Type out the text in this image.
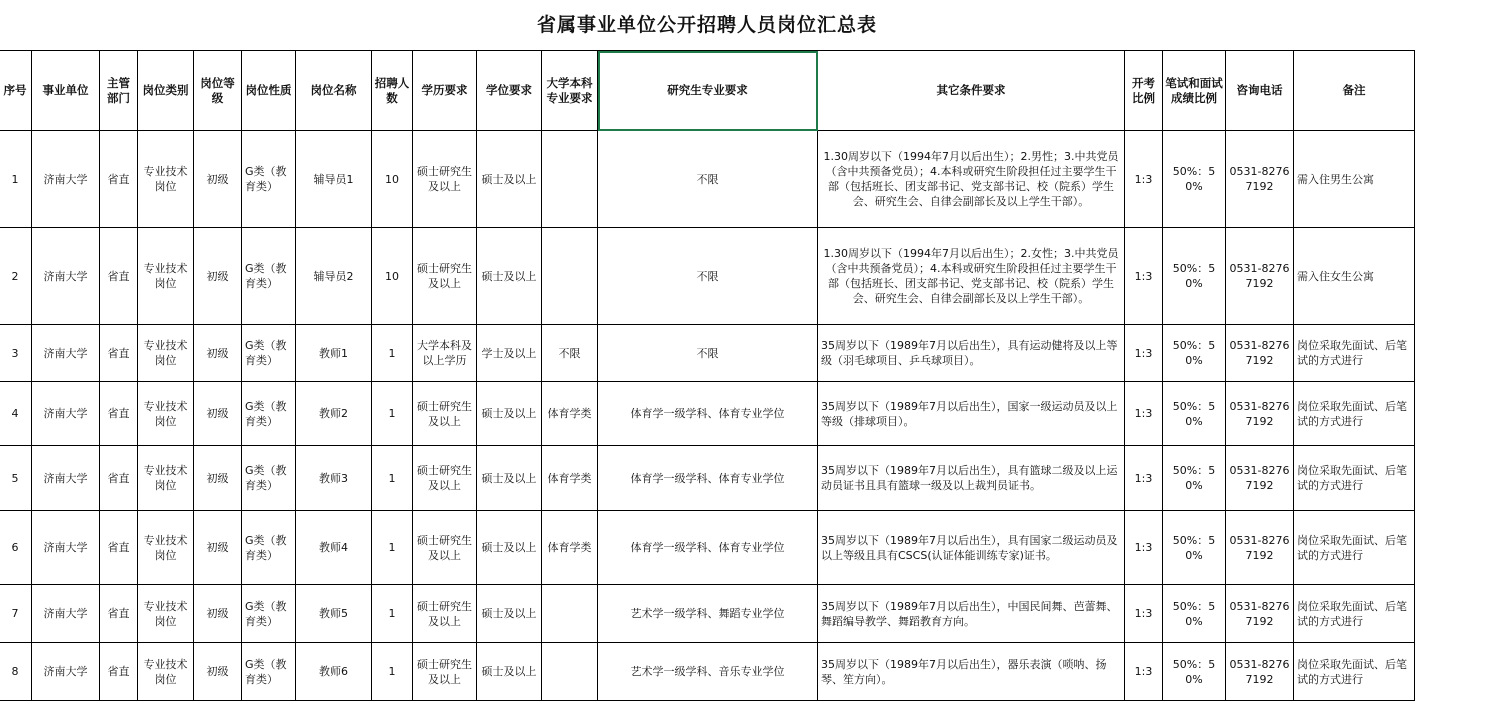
省属事业单位公开招聘人员岗位汇总表
序号	事业单位	主管部门	岗位类别	岗位等级	岗位性质	岗位名称	招聘人数	学历要求	学位要求	大学本科专业要求	研究生专业要求	其它条件要求	开考比例	笔试和面试成绩比例	咨询电话	备注
1	济南大学	省直	专业技术岗位	初级	G类（教育类）	辅导员1	10	硕士研究生及以上	硕士及以上		不限	1.30周岁以下（1994年7月以后出生）；2.男性；3.中共党员（含中共预备党员）；4.本科或研究生阶段担任过主要学生干部（包括班长、团支部书记、党支部书记、校（院系）学生会、研究生会、自律会副部长及以上学生干部）。	1:3	50%：50%	0531-82767192	需入住男生公寓
2	济南大学	省直	专业技术岗位	初级	G类（教育类）	辅导员2	10	硕士研究生及以上	硕士及以上		不限	1.30周岁以下（1994年7月以后出生）；2.女性；3.中共党员（含中共预备党员）；4.本科或研究生阶段担任过主要学生干部（包括班长、团支部书记、党支部书记、校（院系）学生会、研究生会、自律会副部长及以上学生干部）。	1:3	50%：50%	0531-82767192	需入住女生公寓
3	济南大学	省直	专业技术岗位	初级	G类（教育类）	教师1	1	大学本科及以上学历	学士及以上	不限	不限	35周岁以下（1989年7月以后出生），具有运动健将及以上等级（羽毛球项目、乒乓球项目）。	1:3	50%：50%	0531-82767192	岗位采取先面试、后笔试的方式进行
4	济南大学	省直	专业技术岗位	初级	G类（教育类）	教师2	1	硕士研究生及以上	硕士及以上	体育学类	体育学一级学科、体育专业学位	35周岁以下（1989年7月以后出生），国家一级运动员及以上等级（排球项目）。	1:3	50%：50%	0531-82767192	岗位采取先面试、后笔试的方式进行
5	济南大学	省直	专业技术岗位	初级	G类（教育类）	教师3	1	硕士研究生及以上	硕士及以上	体育学类	体育学一级学科、体育专业学位	35周岁以下（1989年7月以后出生），具有篮球二级及以上运动员证书且具有篮球一级及以上裁判员证书。	1:3	50%：50%	0531-82767192	岗位采取先面试、后笔试的方式进行
6	济南大学	省直	专业技术岗位	初级	G类（教育类）	教师4	1	硕士研究生及以上	硕士及以上	体育学类	体育学一级学科、体育专业学位	35周岁以下（1989年7月以后出生），具有国家二级运动员及以上等级且具有CSCS(认证体能训练专家)证书。	1:3	50%：50%	0531-82767192	岗位采取先面试、后笔试的方式进行
7	济南大学	省直	专业技术岗位	初级	G类（教育类）	教师5	1	硕士研究生及以上	硕士及以上		艺术学一级学科、舞蹈专业学位	35周岁以下（1989年7月以后出生），中国民间舞、芭蕾舞、舞蹈编导教学、舞蹈教育方向。	1:3	50%：50%	0531-82767192	岗位采取先面试、后笔试的方式进行
8	济南大学	省直	专业技术岗位	初级	G类（教育类）	教师6	1	硕士研究生及以上	硕士及以上		艺术学一级学科、音乐专业学位	35周岁以下（1989年7月以后出生），器乐表演（唢呐、扬琴、笙方向）。	1:3	50%：50%	0531-82767192	岗位采取先面试、后笔试的方式进行
